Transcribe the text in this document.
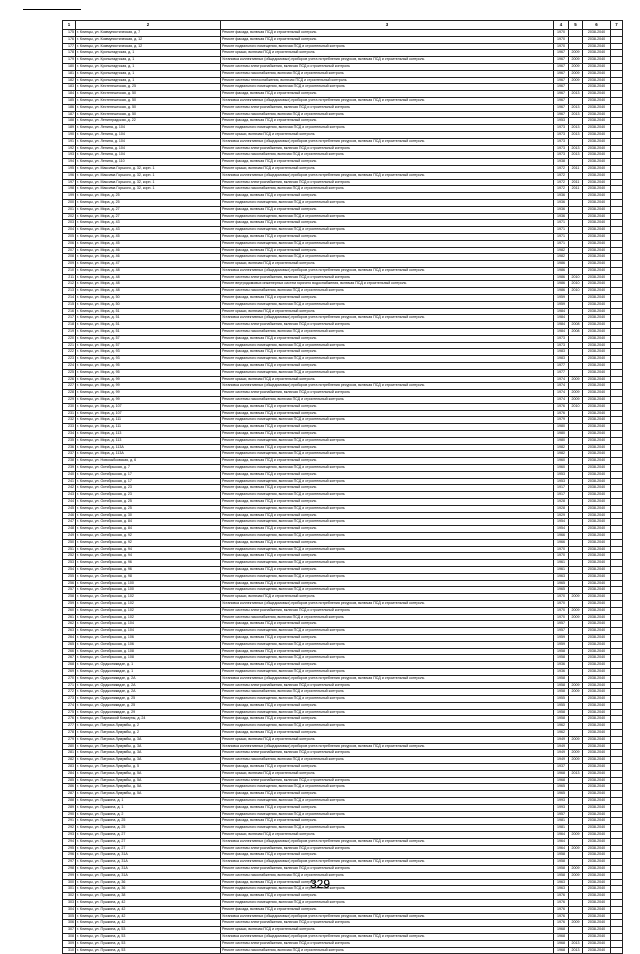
1	2	3	4	5	6	7
175	г. Клинцы, ул. Коммунистическая, д. 7	Ремонт фасада, включая ПСД и строительный контроль	1970		2038-2040	
176	г. Клинцы, ул. Коммунистическая, д. 12	Ремонт фасада, включая ПСД и строительный контроль	1970		2038-2040	
177	г. Клинцы, ул. Коммунистическая, д. 12	Ремонт подвального помещения, включая ПСД и строительный контроль	1970		2038-2040	
178	г. Клинцы, ул. Кронштадтская, д. 1	Ремонт крыши, включая ПСД и строительный контроль	1967	2009	2038-2040	
179	г. Клинцы, ул. Кронштадтская, д. 1	Установка коллективных (общедомовых) приборов учета потребления ресурсов, включая ПСД и строительный контроль	1967	2009	2038-2040	
180	г. Клинцы, ул. Кронштадтская, д. 1	Ремонт системы электроснабжения, включая ПСД и строительный контроль	1967	2009	2038-2040	
181	г. Клинцы, ул. Кронштадтская, д. 1	Ремонт системы газоснабжения, включая ПСД и строительный контроль	1967	2009	2038-2040	
182	г. Клинцы, ул. Кронштадтская, д. 1	Ремонт системы теплоснабжения, включая ПСД и строительный контроль	1967	2009	2038-2040	
183	г. Клинцы, ул. Кестенештская, д. 25	Ремонт подвального помещения, включая ПСД и строительный контроль	1967		2038-2040	
184	г. Клинцы, ул. Кестенештская, д. 50	Ремонт фасада, включая ПСД и строительный контроль	1967	2013	2038-2040	
185	г. Клинцы, ул. Кестенештская, д. 50	Установка коллективных (общедомовых) приборов учета потребления ресурсов, включая ПСД и строительный контроль	1967		2038-2040	
186	г. Клинцы, ул. Кестенештская, д. 50	Ремонт системы электроснабжения, включая ПСД и строительный контроль	1967	2013	2038-2040	
187	г. Клинцы, ул. Кестенештская, д. 50	Ремонт системы газоснабжения, включая ПСД и строительный контроль	1967	2013	2038-2040	
188	г. Клинцы, ул. Ленинградская, д. 22	Ремонт фасада, включая ПСД и строительный контроль	1953		2038-2040	
189	г. Клинцы, ул. Ленина, д. 104	Ремонт подвального помещения, включая ПСД и строительный контроль	1973	2013	2038-2040	
190	г. Клинцы, ул. Ленина, д. 104	Ремонт крыши, включая ПСД и строительный контроль	1973	2013	2038-2040	
191	г. Клинцы, ул. Ленина, д. 104	Установка коллективных (общедомовых) приборов учета потребления ресурсов, включая ПСД и строительный контроль	1973		2038-2040	
192	г. Клинцы, ул. Ленина, д. 104	Ремонт системы электроснабжения, включая ПСД и строительный контроль	1973	2013	2038-2040	
193	г. Клинцы, ул. Ленина, д. 104	Ремонт системы газоснабжения, включая ПСД и строительный контроль	1973	2013	2038-2040	
194	г. Клинцы, ул. Ленина, д. 110	Ремонт фасада, включая ПСД и строительный контроль	1938		2038-2040	
195	г. Клинцы, ул. Максима Горького, д. 32, корп. 1	Ремонт крыши, включая ПСД и строительный контроль	1972	2011	2038-2040	
196	г. Клинцы, ул. Максима Горького, д. 32, корп. 1	Установка коллективных (общедомовых) приборов учета потребления ресурсов, включая ПСД и строительный контроль	1972		2038-2040	
197	г. Клинцы, ул. Максима Горького, д. 32, корп. 1	Ремонт системы электроснабжения, включая ПСД и строительный контроль	1972	2011	2038-2040	
198	г. Клинцы, ул. Максима Горького, д. 32, корп. 1	Ремонт системы газоснабжения, включая ПСД и строительный контроль	1972	2011	2038-2040	
199	г. Клинцы, ул. Мира, д. 25	Ремонт фасада, включая ПСД и строительный контроль	1936		2038-2040	
200	г. Клинцы, ул. Мира, д. 25	Ремонт подвального помещения, включая ПСД и строительный контроль	1936		2038-2040	
201	г. Клинцы, ул. Мира, д. 27	Ремонт фасада, включая ПСД и строительный контроль	1936		2038-2040	
202	г. Клинцы, ул. Мира, д. 27	Ремонт подвального помещения, включая ПСД и строительный контроль	1936		2038-2040	
203	г. Клинцы, ул. Мира, д. 43	Ремонт фасада, включая ПСД и строительный контроль	1971		2038-2040	
204	г. Клинцы, ул. Мира, д. 43	Ремонт подвального помещения, включая ПСД и строительный контроль	1971		2038-2040	
205	г. Клинцы, ул. Мира, д. 45	Ремонт фасада, включая ПСД и строительный контроль	1971		2038-2040	
206	г. Клинцы, ул. Мира, д. 45	Ремонт подвального помещения, включая ПСД и строительный контроль	1971		2038-2040	
207	г. Клинцы, ул. Мира, д. 46	Ремонт фасада, включая ПСД и строительный контроль	1982		2038-2040	
208	г. Клинцы, ул. Мира, д. 46	Ремонт подвального помещения, включая ПСД и строительный контроль	1982		2038-2040	
209	г. Клинцы, ул. Мира, д. 47	Ремонт крыши, включая ПСД и строительный контроль	1986		2038-2040	
210	г. Клинцы, ул. Мира, д. 48	Установка коллективных (общедомовых) приборов учета потребления ресурсов, включая ПСД и строительный контроль	1986		2038-2040	
211	г. Клинцы, ул. Мира, д. 48	Ремонт системы электроснабжения, включая ПСД и строительный контроль	1986	2010	2038-2040	
212	г. Клинцы, ул. Мира, д. 48	Ремонт внутридомовых инженерных систем горячего водоснабжения, включая ПСД и строительный контроль	1986	2010	2038-2040	
213	г. Клинцы, ул. Мира, д. 48	Ремонт системы газоснабжения, включая ПСД и строительный контроль	1986	2010	2038-2040	
214	г. Клинцы, ул. Мира, д. 50	Ремонт фасада, включая ПСД и строительный контроль	1959		2038-2040	
215	г. Клинцы, ул. Мира, д. 50	Ремонт подвального помещения, включая ПСД и строительный контроль	1959		2038-2040	
216	г. Клинцы, ул. Мира, д. 51	Ремонт крыши, включая ПСД и строительный контроль	1984		2038-2040	
217	г. Клинцы, ул. Мира, д. 51	Установка коллективных (общедомовых) приборов учета потребления ресурсов, включая ПСД и строительный контроль	1984		2038-2040	
218	г. Клинцы, ул. Мира, д. 51	Ремонт системы электроснабжения, включая ПСД и строительный контроль	1984	2008	2038-2040	
219	г. Клинцы, ул. Мира, д. 51	Ремонт системы газоснабжения, включая ПСД и строительный контроль	1984	2008	2038-2040	
220	г. Клинцы, ул. Мира, д. 57	Ремонт фасада, включая ПСД и строительный контроль	1973		2038-2040	
221	г. Клинцы, ул. Мира, д. 57	Ремонт подвального помещения, включая ПСД и строительный контроль	1973		2038-2040	
222	г. Клинцы, ул. Мира, д. 93	Ремонт фасада, включая ПСД и строительный контроль	1983		2038-2040	
223	г. Клинцы, ул. Мира, д. 93	Ремонт подвального помещения, включая ПСД и строительный контроль	1983		2038-2040	
224	г. Клинцы, ул. Мира, д. 95	Ремонт фасада, включая ПСД и строительный контроль	1977		2038-2040	
225	г. Клинцы, ул. Мира, д. 95	Ремонт подвального помещения, включая ПСД и строительный контроль	1977		2038-2040	
226	г. Клинцы, ул. Мира, д. 99	Ремонт крыши, включая ПСД и строительный контроль	1974	2009	2038-2040	
227	г. Клинцы, ул. Мира, д. 99	Установка коллективных (общедомовых) приборов учета потребления ресурсов, включая ПСД и строительный контроль	1974		2038-2040	
228	г. Клинцы, ул. Мира, д. 99	Ремонт системы электроснабжения, включая ПСД и строительный контроль	1974	2009	2038-2040	
229	г. Клинцы, ул. Мира, д. 99	Ремонт системы газоснабжения, включая ПСД и строительный контроль	1974	2009	2038-2040	
230	г. Клинцы, ул. Мира, д. 107	Ремонт фасада, включая ПСД и строительный контроль	1976	2010	2038-2040	
231	г. Клинцы, ул. Мира, д. 107	Ремонт фасада, включая ПСД и строительный контроль	1976		2038-2040	
232	г. Клинцы, ул. Мира, д. 111	Ремонт подвального помещения, включая ПСД и строительный контроль	1979		2038-2040	
233	г. Клинцы, ул. Мира, д. 111	Ремонт фасада, включая ПСД и строительный контроль	1980		2038-2040	
234	г. Клинцы, ул. Мира, д. 113	Ремонт фасада, включая ПСД и строительный контроль	1980		2038-2040	
235	г. Клинцы, ул. Мира, д. 113	Ремонт подвального помещения, включая ПСД и строительный контроль	1980		2038-2040	
236	г. Клинцы, ул. Мира, д. 113А	Ремонт фасада, включая ПСД и строительный контроль	1982		2038-2040	
237	г. Клинцы, ул. Мира, д. 113А	Ремонт подвального помещения, включая ПСД и строительный контроль	1982		2038-2040	
238	г. Клинцы, ул. Новозыбковская, д. 6	Ремонт фасада, включая ПСД и строительный контроль	1960		2038-2040	
239	г. Клинцы, ул. Октябрьская, д. 7	Ремонт подвального помещения, включая ПСД и строительный контроль	1960		2038-2040	
240	г. Клинцы, ул. Октябрьская, д. 17	Ремонт фасада, включая ПСД и строительный контроль	1953		2038-2040	
241	г. Клинцы, ул. Октябрьская, д. 17	Ремонт подвального помещения, включая ПСД и строительный контроль	1953		2038-2040	
242	г. Клинцы, ул. Октябрьская, д. 23	Ремонт фасада, включая ПСД и строительный контроль	1917		2038-2040	
243	г. Клинцы, ул. Октябрьская, д. 23	Ремонт подвального помещения, включая ПСД и строительный контроль	1917		2038-2040	
244	г. Клинцы, ул. Октябрьская, д. 25	Ремонт фасада, включая ПСД и строительный контроль	1928		2038-2040	
245	г. Клинцы, ул. Октябрьская, д. 25	Ремонт подвального помещения, включая ПСД и строительный контроль	1928		2038-2040	
246	г. Клинцы, ул. Октябрьская, д. 30	Ремонт фасада, включая ПСД и строительный контроль	1929		2038-2040	
247	г. Клинцы, ул. Октябрьская, д. 84	Ремонт подвального помещения, включая ПСД и строительный контроль	1954		2038-2040	
248	г. Клинцы, ул. Октябрьская, д. 84	Ремонт фасада, включая ПСД и строительный контроль	1954		2038-2040	
249	г. Клинцы, ул. Октябрьская, д. 92	Ремонт подвального помещения, включая ПСД и строительный контроль	1966		2038-2040	
250	г. Клинцы, ул. Октябрьская, д. 92	Ремонт фасада, включая ПСД и строительный контроль	1966		2038-2040	
251	г. Клинцы, ул. Октябрьская, д. 94	Ремонт подвального помещения, включая ПСД и строительный контроль	1970		2038-2040	
252	г. Клинцы, ул. Октябрьская, д. 94	Ремонт фасада, включая ПСД и строительный контроль	1970		2038-2040	
253	г. Клинцы, ул. Октябрьская, д. 96	Ремонт подвального помещения, включая ПСД и строительный контроль	1961		2038-2040	
254	г. Клинцы, ул. Октябрьская, д. 96	Ремонт фасада, включая ПСД и строительный контроль	1961		2038-2040	
255	г. Клинцы, ул. Октябрьская, д. 98	Ремонт подвального помещения, включая ПСД и строительный контроль	1963		2038-2040	
256	г. Клинцы, ул. Октябрьская, д. 100	Ремонт фасада, включая ПСД и строительный контроль	1965		2038-2040	
257	г. Клинцы, ул. Октябрьская, д. 100	Ремонт подвального помещения, включая ПСД и строительный контроль	1965		2038-2040	
258	г. Клинцы, ул. Октябрьская, д. 102	Ремонт крыши, включая ПСД и строительный контроль	1970	2009	2038-2040	
259	г. Клинцы, ул. Октябрьская, д. 102	Установка коллективных (общедомовых) приборов учета потребления ресурсов, включая ПСД и строительный контроль	1970		2038-2040	
260	г. Клинцы, ул. Октябрьская, д. 102	Ремонт системы электроснабжения, включая ПСД и строительный контроль	1970	2009	2038-2040	
261	г. Клинцы, ул. Октябрьская, д. 102	Ремонт системы газоснабжения, включая ПСД и строительный контроль	1970	2009	2038-2040	
262	г. Клинцы, ул. Октябрьская, д. 104	Ремонт фасада, включая ПСД и строительный контроль	1957		2038-2040	
263	г. Клинцы, ул. Октябрьская, д. 104	Ремонт подвального помещения, включая ПСД и строительный контроль	1957		2038-2040	
264	г. Клинцы, ул. Октябрьская, д. 106	Ремонт фасада, включая ПСД и строительный контроль	1959		2038-2040	
265	г. Клинцы, ул. Октябрьская, д. 106	Ремонт подвального помещения, включая ПСД и строительный контроль	1959		2038-2040	
266	г. Клинцы, ул. Октябрьская, д. 108	Ремонт фасада, включая ПСД и строительный контроль	1958		2038-2040	
267	г. Клинцы, ул. Октябрьская, д. 108	Ремонт подвального помещения, включая ПСД и строительный контроль	1958		2038-2040	
268	г. Клинцы, ул. Орджоникидзе, д. 1	Ремонт фасада, включая ПСД и строительный контроль	1936		2038-2040	
269	г. Клинцы, ул. Орджоникидзе, д. 1	Ремонт подвального помещения, включая ПСД и строительный контроль	1936		2038-2040	
270	г. Клинцы, ул. Орджоникидзе, д. 2А	Установка коллективных (общедомовых) приборов учета потребления ресурсов, включая ПСД и строительный контроль	1958		2038-2040	
271	г. Клинцы, ул. Орджоникидзе, д. 2А	Ремонт системы электроснабжения, включая ПСД и строительный контроль	1958	2009	2038-2040	
272	г. Клинцы, ул. Орджоникидзе, д. 2А	Ремонт системы газоснабжения, включая ПСД и строительный контроль	1958	2009	2038-2040	
273	г. Клинцы, ул. Орджоникидзе, д. 25	Ремонт подвального помещения, включая ПСД и строительный контроль	1955		2038-2040	
274	г. Клинцы, ул. Орджоникидзе, д. 25	Ремонт фасада, включая ПСД и строительный контроль	1955		2038-2040	
275	г. Клинцы, ул. Орджоникидзе, д. 29	Ремонт подвального помещения, включая ПСД и строительный контроль	1958		2038-2040	
276	г. Клинцы, ул. Парижской Коммуны, д. 24	Ремонт фасада, включая ПСД и строительный контроль	1958		2038-2040	
277	г. Клинцы, ул. Патриса Лумумбы, д. 2	Ремонт подвального помещения, включая ПСД и строительный контроль	1962		2038-2040	
278	г. Клинцы, ул. Патриса Лумумбы, д. 2	Ремонт фасада, включая ПСД и строительный контроль	1962		2038-2040	
279	г. Клинцы, ул. Патриса Лумумбы, д. 3А	Ремонт крыши, включая ПСД и строительный контроль	1949	2009	2038-2040	
280	г. Клинцы, ул. Патриса Лумумбы, д. 3А	Установка коллективных (общедомовых) приборов учета потребления ресурсов, включая ПСД и строительный контроль	1949		2038-2040	
281	г. Клинцы, ул. Патриса Лумумбы, д. 3А	Ремонт системы электроснабжения, включая ПСД и строительный контроль	1949	2009	2038-2040	
282	г. Клинцы, ул. Патриса Лумумбы, д. 3А	Ремонт системы газоснабжения, включая ПСД и строительный контроль	1949	2009	2038-2040	
283	г. Клинцы, ул. Патриса Лумумбы, д. 5	Ремонт фасада, включая ПСД и строительный контроль	1937		2038-2040	
284	г. Клинцы, ул. Патриса Лумумбы, д. 5А	Ремонт крыши, включая ПСД и строительный контроль	1968	2013	2038-2040	
285	г. Клинцы, ул. Патриса Лумумбы, д. 5А	Ремонт системы электроснабжения, включая ПСД и строительный контроль	1968		2038-2040	
286	г. Клинцы, ул. Патриса Лумумбы, д. 5А	Ремонт подвального помещения, включая ПСД и строительный контроль	1965		2038-2040	
287	г. Клинцы, ул. Патриса Лумумбы, д. 5А	Ремонт фасада, включая ПСД и строительный контроль	1965		2038-2040	
288	г. Клинцы, ул. Пушкина, д. 1	Ремонт подвального помещения, включая ПСД и строительный контроль	1993		2038-2040	
289	г. Клинцы, ул. Пушкина, д. 1	Ремонт фасада, включая ПСД и строительный контроль	1993		2038-2040	
290	г. Клинцы, ул. Пушкина, д. 2	Ремонт подвального помещения, включая ПСД и строительный контроль	1957		2038-2040	
291	г. Клинцы, ул. Пушкина, д. 25	Ремонт фасада, включая ПСД и строительный контроль	1981		2038-2040	
292	г. Клинцы, ул. Пушкина, д. 25	Ремонт подвального помещения, включая ПСД и строительный контроль	1981		2038-2040	
293	г. Клинцы, ул. Пушкина, д. 27	Ремонт крыши, включая ПСД и строительный контроль	1964	2009	2038-2040	
294	г. Клинцы, ул. Пушкина, д. 27	Установка коллективных (общедомовых) приборов учета потребления ресурсов, включая ПСД и строительный контроль	1964		2038-2040	
295	г. Клинцы, ул. Пушкина, д. 27	Ремонт системы электроснабжения, включая ПСД и строительный контроль	1964	2009	2038-2040	
296	г. Клинцы, ул. Пушкина, д. 31А	Ремонт фасада, включая ПСД и строительный контроль	1958		2038-2040	
297	г. Клинцы, ул. Пушкина, д. 31А	Установка коллективных (общедомовых) приборов учета потребления ресурсов, включая ПСД и строительный контроль	1958		2038-2040	
298	г. Клинцы, ул. Пушкина, д. 31А	Ремонт системы электроснабжения, включая ПСД и строительный контроль	1958	2009	2038-2040	
299	г. Клинцы, ул. Пушкина, д. 31А	Ремонт системы газоснабжения, включая ПСД и строительный контроль	1958	2009	2038-2040	
300	г. Клинцы, ул. Пушкина, д. 36	Ремонт фасада, включая ПСД и строительный контроль	1963		2038-2040	
301	г. Клинцы, ул. Пушкина, д. 36	Ремонт подвального помещения, включая ПСД и строительный контроль	1963		2038-2040	
302	г. Клинцы, ул. Пушкина, д. 38	Ремонт фасада, включая ПСД и строительный контроль	1976		2038-2040	
303	г. Клинцы, ул. Пушкина, д. 42	Ремонт подвального помещения, включая ПСД и строительный контроль	1976		2038-2040	
304	г. Клинцы, ул. Пушкина, д. 42	Ремонт фасада, включая ПСД и строительный контроль	1976		2038-2040	
305	г. Клинцы, ул. Пушкина, д. 42	Установка коллективных (общедомовых) приборов учета потребления ресурсов, включая ПСД и строительный контроль	1976		2038-2040	
306	г. Клинцы, ул. Пушкина, д. 42	Ремонт системы электроснабжения, включая ПСД и строительный контроль	1976	2009	2038-2040	
307	г. Клинцы, ул. Пушкина, д. 53	Ремонт крыши, включая ПСД и строительный контроль	1968		2038-2040	
308	г. Клинцы, ул. Пушкина, д. 53	Установка коллективных (общедомовых) приборов учета потребления ресурсов, включая ПСД и строительный контроль	1968		2038-2040	
309	г. Клинцы, ул. Пушкина, д. 53	Ремонт системы электроснабжения, включая ПСД и строительный контроль	1968	2013	2038-2040	
310	г. Клинцы, ул. Пушкина, д. 53	Ремонт системы газоснабжения, включая ПСД и строительный контроль	1968	2013	2038-2040	
329
